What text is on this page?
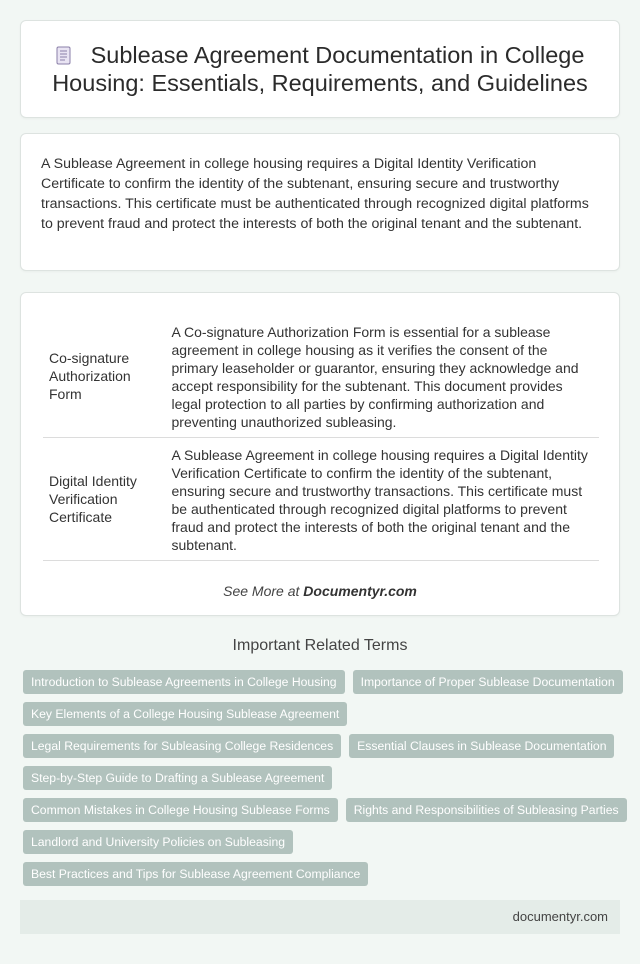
Sublease Agreement Documentation in College Housing: Essentials, Requirements, and Guidelines

A Sublease Agreement in college housing requires a Digital Identity Verification Certificate to confirm the identity of the subtenant, ensuring secure and trustworthy transactions. This certificate must be authenticated through recognized digital platforms to prevent fraud and protect the interests of both the original tenant and the subtenant.

Co-signature Authorization Form	A Co-signature Authorization Form is essential for a sublease agreement in college housing as it verifies the consent of the primary leaseholder or guarantor, ensuring they acknowledge and accept responsibility for the subtenant. This document provides legal protection to all parties by confirming authorization and preventing unauthorized subleasing.
Digital Identity Verification Certificate	A Sublease Agreement in college housing requires a Digital Identity Verification Certificate to confirm the identity of the subtenant, ensuring secure and trustworthy transactions. This certificate must be authenticated through recognized digital platforms to prevent fraud and protect the interests of both the original tenant and the subtenant.
See More at Documentyr.com
Important Related Terms
Introduction to Sublease Agreements in College Housing	Importance of Proper Sublease Documentation
Key Elements of a College Housing Sublease Agreement
Legal Requirements for Subleasing College Residences	Essential Clauses in Sublease Documentation
Step-by-Step Guide to Drafting a Sublease Agreement
Common Mistakes in College Housing Sublease Forms	Rights and Responsibilities of Subleasing Parties
Landlord and University Policies on Subleasing
Best Practices and Tips for Sublease Agreement Compliance
documentyr.com
